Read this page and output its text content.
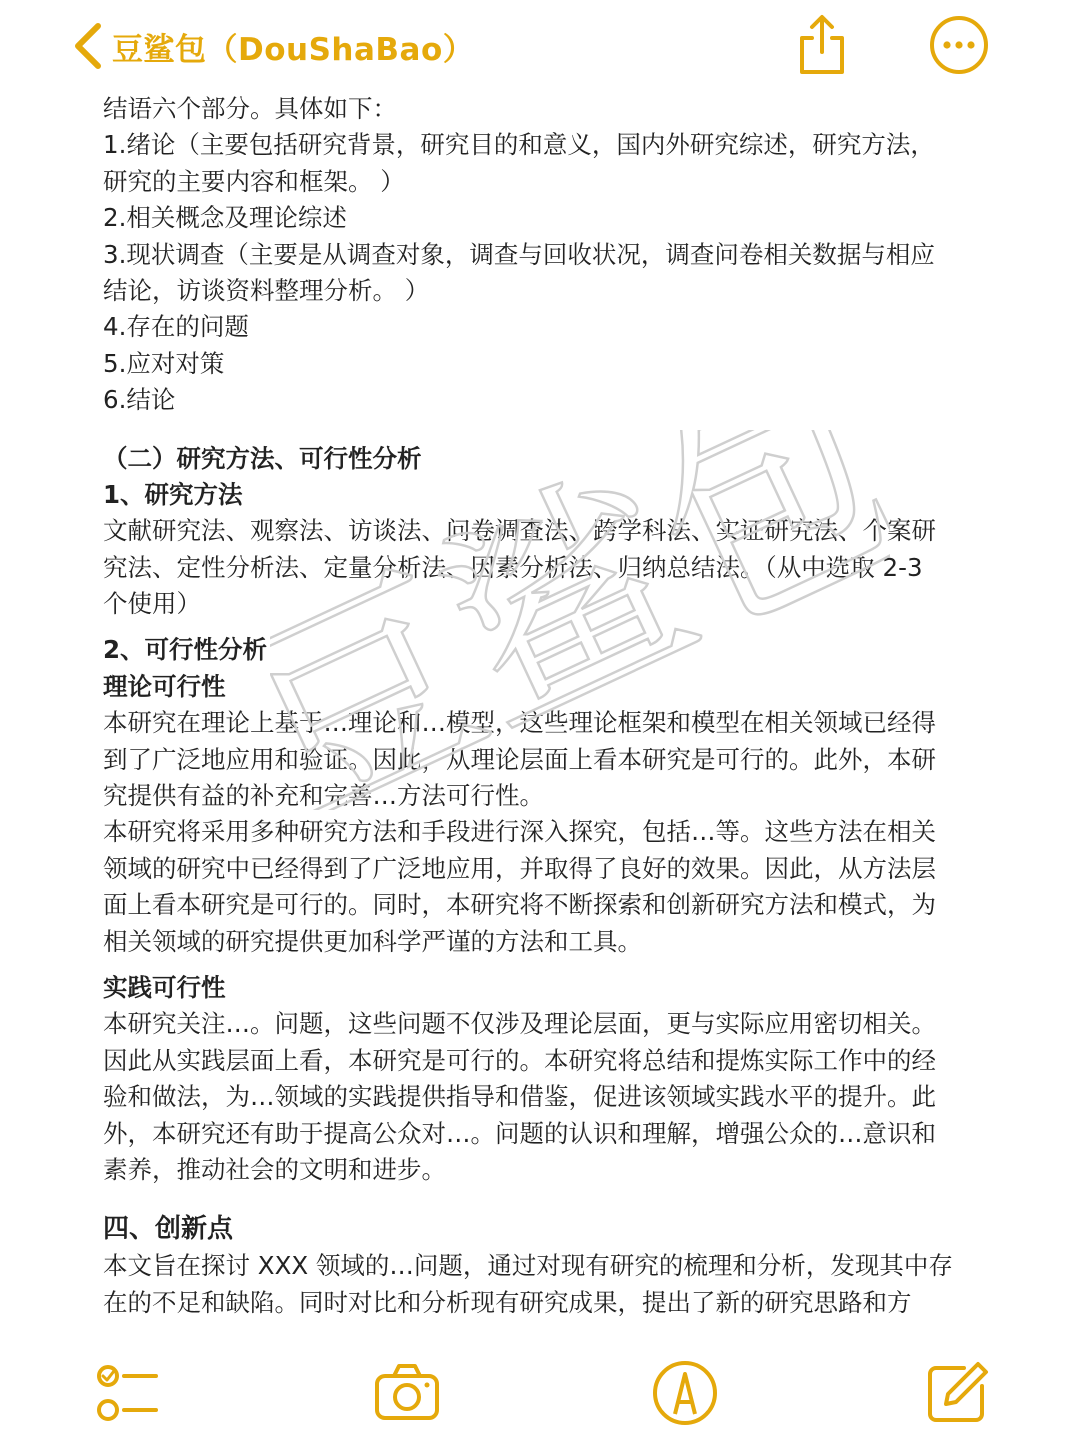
豆鲨包（DouShaBao）
结语六个部分。具体如下：
1.绪论（主要包括研究背景，研究目的和意义，国内外研究综述，研究方法，
研究的主要内容和框架。 ）
2.相关概念及理论综述
3.现状调查（主要是从调查对象，调查与回收状况，调查问卷相关数据与相应
结论，访谈资料整理分析。 ）
4.存在的问题
5.应对对策
6.结论
（二）研究方法、可行性分析
1、研究方法
文献研究法、观察法、访谈法、问卷调查法、跨学科法、实证研究法、个案研
究法、定性分析法、定量分析法、因素分析法、归纳总结法。（从中选取 2-3
个使用）
2、可行性分析
理论可行性
本研究在理论上基于…理论和…模型，这些理论框架和模型在相关领域已经得
到了广泛地应用和验证。因此，从理论层面上看本研究是可行的。此外，本研
究提供有益的补充和完善…方法可行性。
本研究将采用多种研究方法和手段进行深入探究，包括…等。这些方法在相关
领域的研究中已经得到了广泛地应用，并取得了良好的效果。因此，从方法层
面上看本研究是可行的。同时，本研究将不断探索和创新研究方法和模式，为
相关领域的研究提供更加科学严谨的方法和工具。
实践可行性
本研究关注…。问题，这些问题不仅涉及理论层面，更与实际应用密切相关。
因此从实践层面上看，本研究是可行的。本研究将总结和提炼实际工作中的经
验和做法，为…领域的实践提供指导和借鉴，促进该领域实践水平的提升。此
外，本研究还有助于提高公众对…。问题的认识和理解，增强公众的…意识和
素养，推动社会的文明和进步。
四、创新点
本文旨在探讨 XXX 领域的…问题，通过对现有研究的梳理和分析，发现其中存
在的不足和缺陷。同时对比和分析现有研究成果，提出了新的研究思路和方
豆鲨包
